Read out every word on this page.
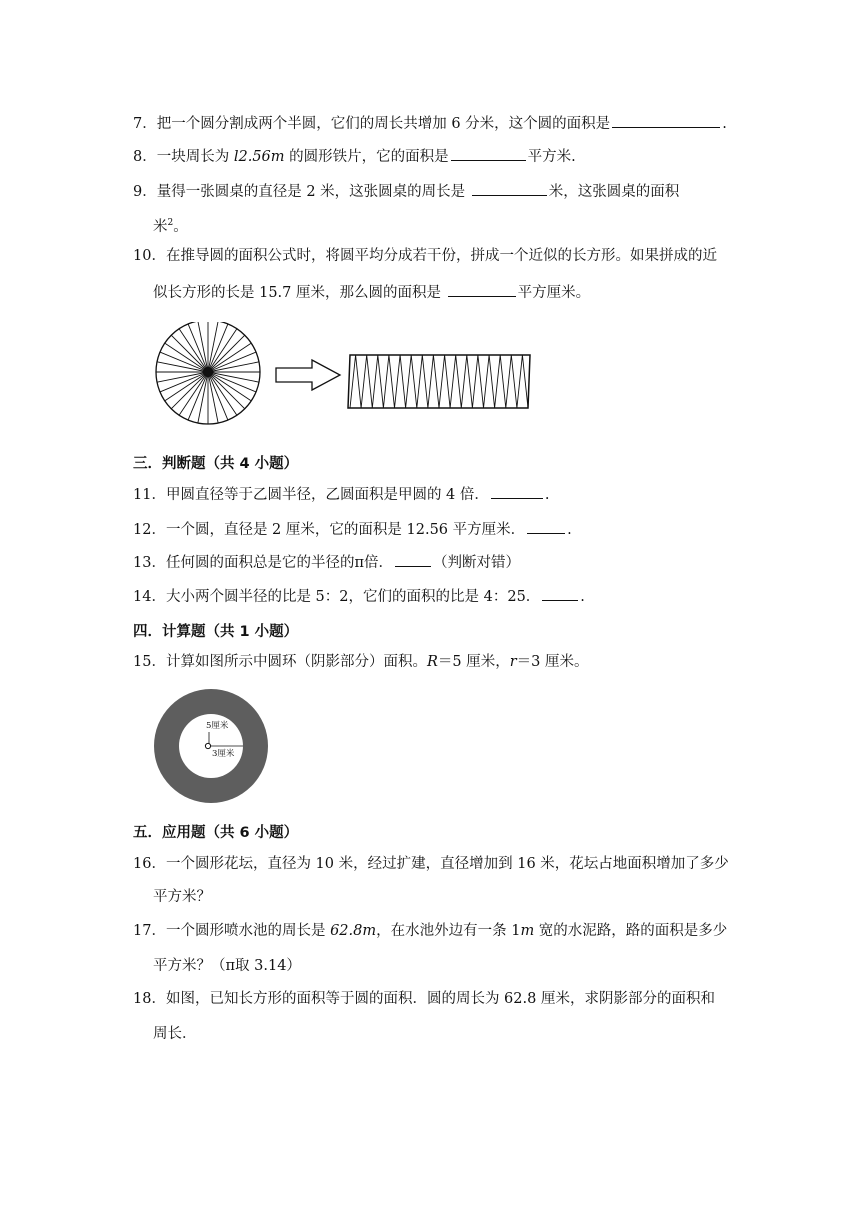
7．把一个圆分割成两个半圆，它们的周长共增加 6 分米，这个圆的面积是	.
8．一块周长为 l2.56m 的圆形铁片，它的面积是	平方米.
9．量得一张圆桌的直径是 2 米，这张圆桌的周长是	米，这张圆桌的面积
米$^2$。
10．在推导圆的面积公式时，将圆平均分成若干份，拼成一个近似的长方形。如果拼成的近
似长方形的长是 15.7 厘米，那么圆的面积是	平方厘米。
三．判断题（共 4 小题）
11．甲圆直径等于乙圆半径，乙圆面积是甲圆的 4 倍．	.
12．一个圆，直径是 2 厘米，它的面积是 12.56 平方厘米．	.
13．任何圆的面积总是它的半径的π倍．	（判断对错）
14．大小两个圆半径的比是 5：2，它们的面积的比是 4：25．	.
四．计算题（共 1 小题）
15．计算如图所示中圆环（阴影部分）面积。R＝5 厘米，r＝3 厘米。
5厘米
3厘米
五．应用题（共 6 小题）
16．一个圆形花坛，直径为 10 米，经过扩建，直径增加到 16 米，花坛占地面积增加了多少
平方米？
17．一个圆形喷水池的周长是 62.8m，在水池外边有一条 1m 宽的水泥路，路的面积是多少
平方米？（π取 3.14）
18．如图，已知长方形的面积等于圆的面积．圆的周长为 62.8 厘米，求阴影部分的面积和
周长．
